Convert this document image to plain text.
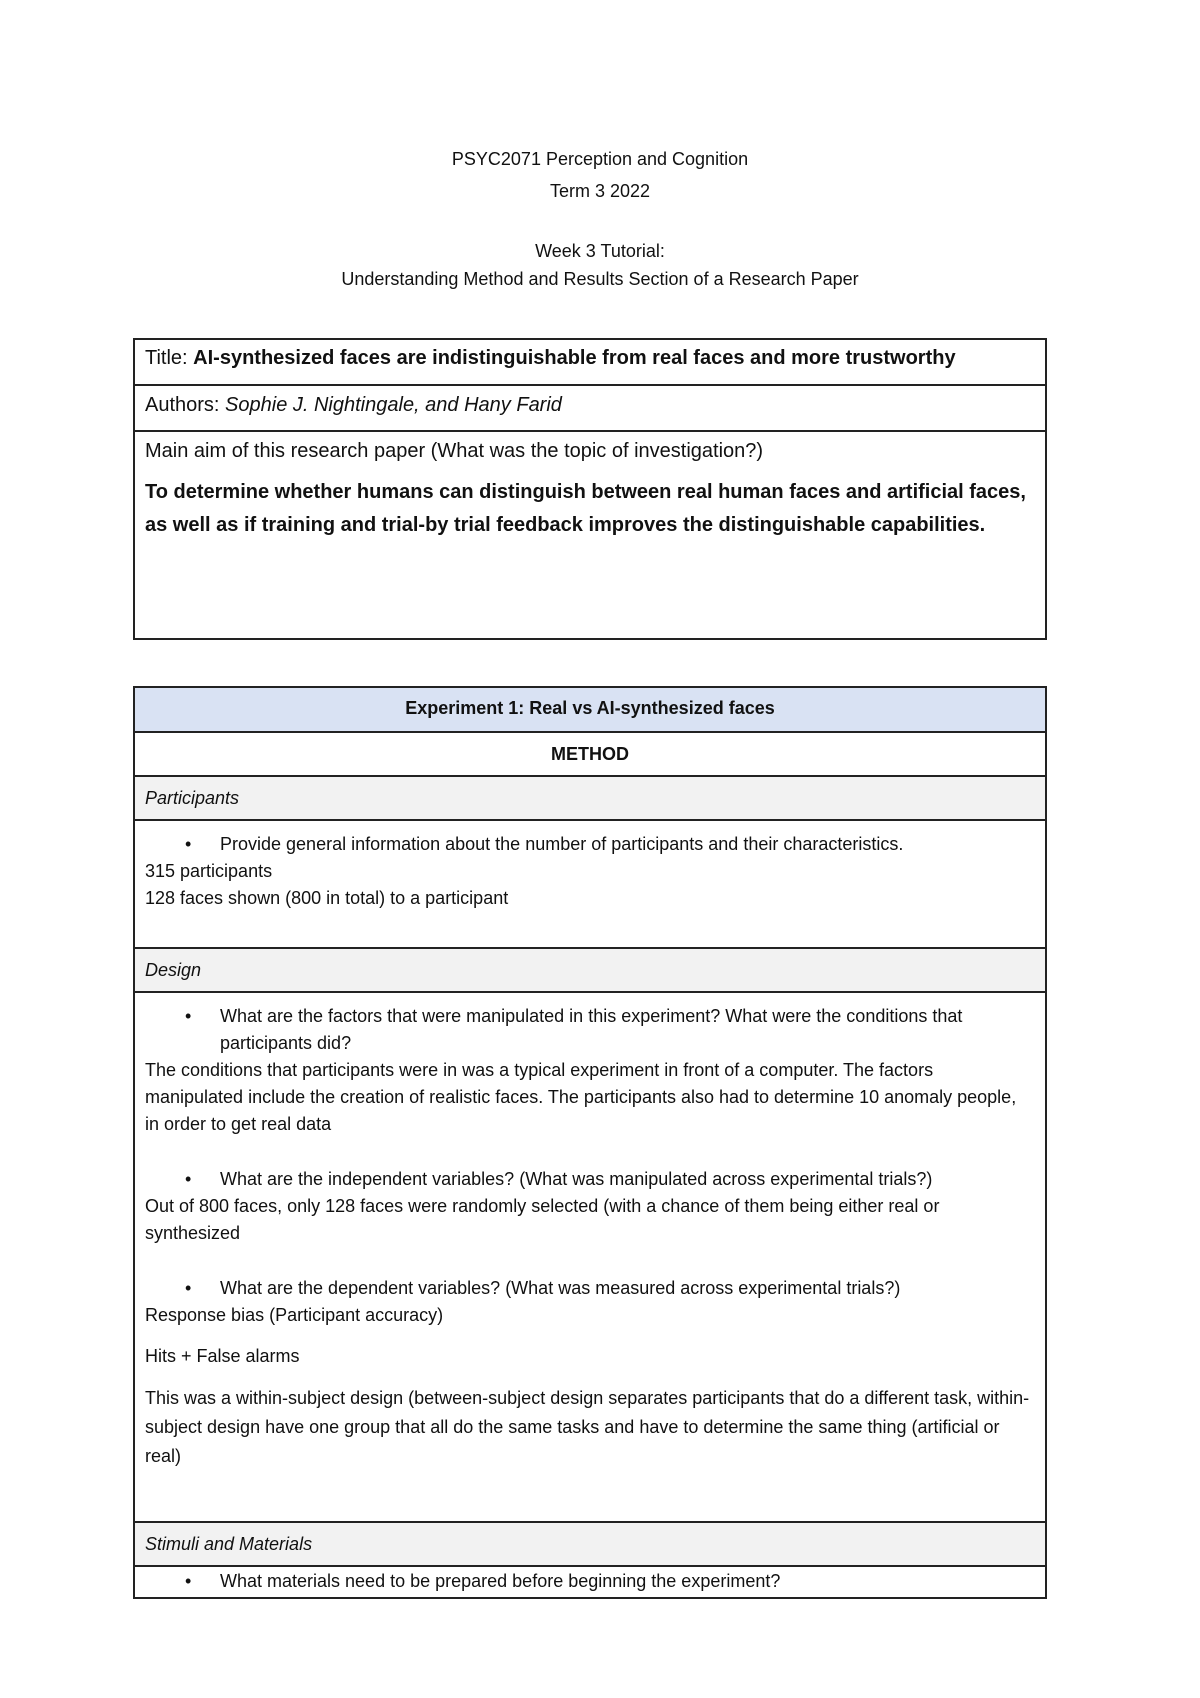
PSYC2071 Perception and Cognition
Term 3 2022
Week 3 Tutorial:
Understanding Method and Results Section of a Research Paper
Title: AI-synthesized faces are indistinguishable from real faces and more trustworthy
Authors: Sophie J. Nightingale, and Hany Farid
Main aim of this research paper (What was the topic of investigation?)
To determine whether humans can distinguish between real human faces and artificial faces, as well as if training and trial-by trial feedback improves the distinguishable capabilities.
Experiment 1: Real vs AI-synthesized faces
METHOD
Participants
• Provide general information about the number of participants and their characteristics.
315 participants
128 faces shown (800 in total) to a participant
Design
• What are the factors that were manipulated in this experiment? What were the conditions that participants did?
The conditions that participants were in was a typical experiment in front of a computer. The factors manipulated include the creation of realistic faces. The participants also had to determine 10 anomaly people, in order to get real data
• What are the independent variables? (What was manipulated across experimental trials?)
Out of 800 faces, only 128 faces were randomly selected (with a chance of them being either real or synthesized
• What are the dependent variables? (What was measured across experimental trials?)
Response bias (Participant accuracy)
Hits + False alarms
This was a within-subject design (between-subject design separates participants that do a different task, within-subject design have one group that all do the same tasks and have to determine the same thing (artificial or real)
Stimuli and Materials
• What materials need to be prepared before beginning the experiment?
